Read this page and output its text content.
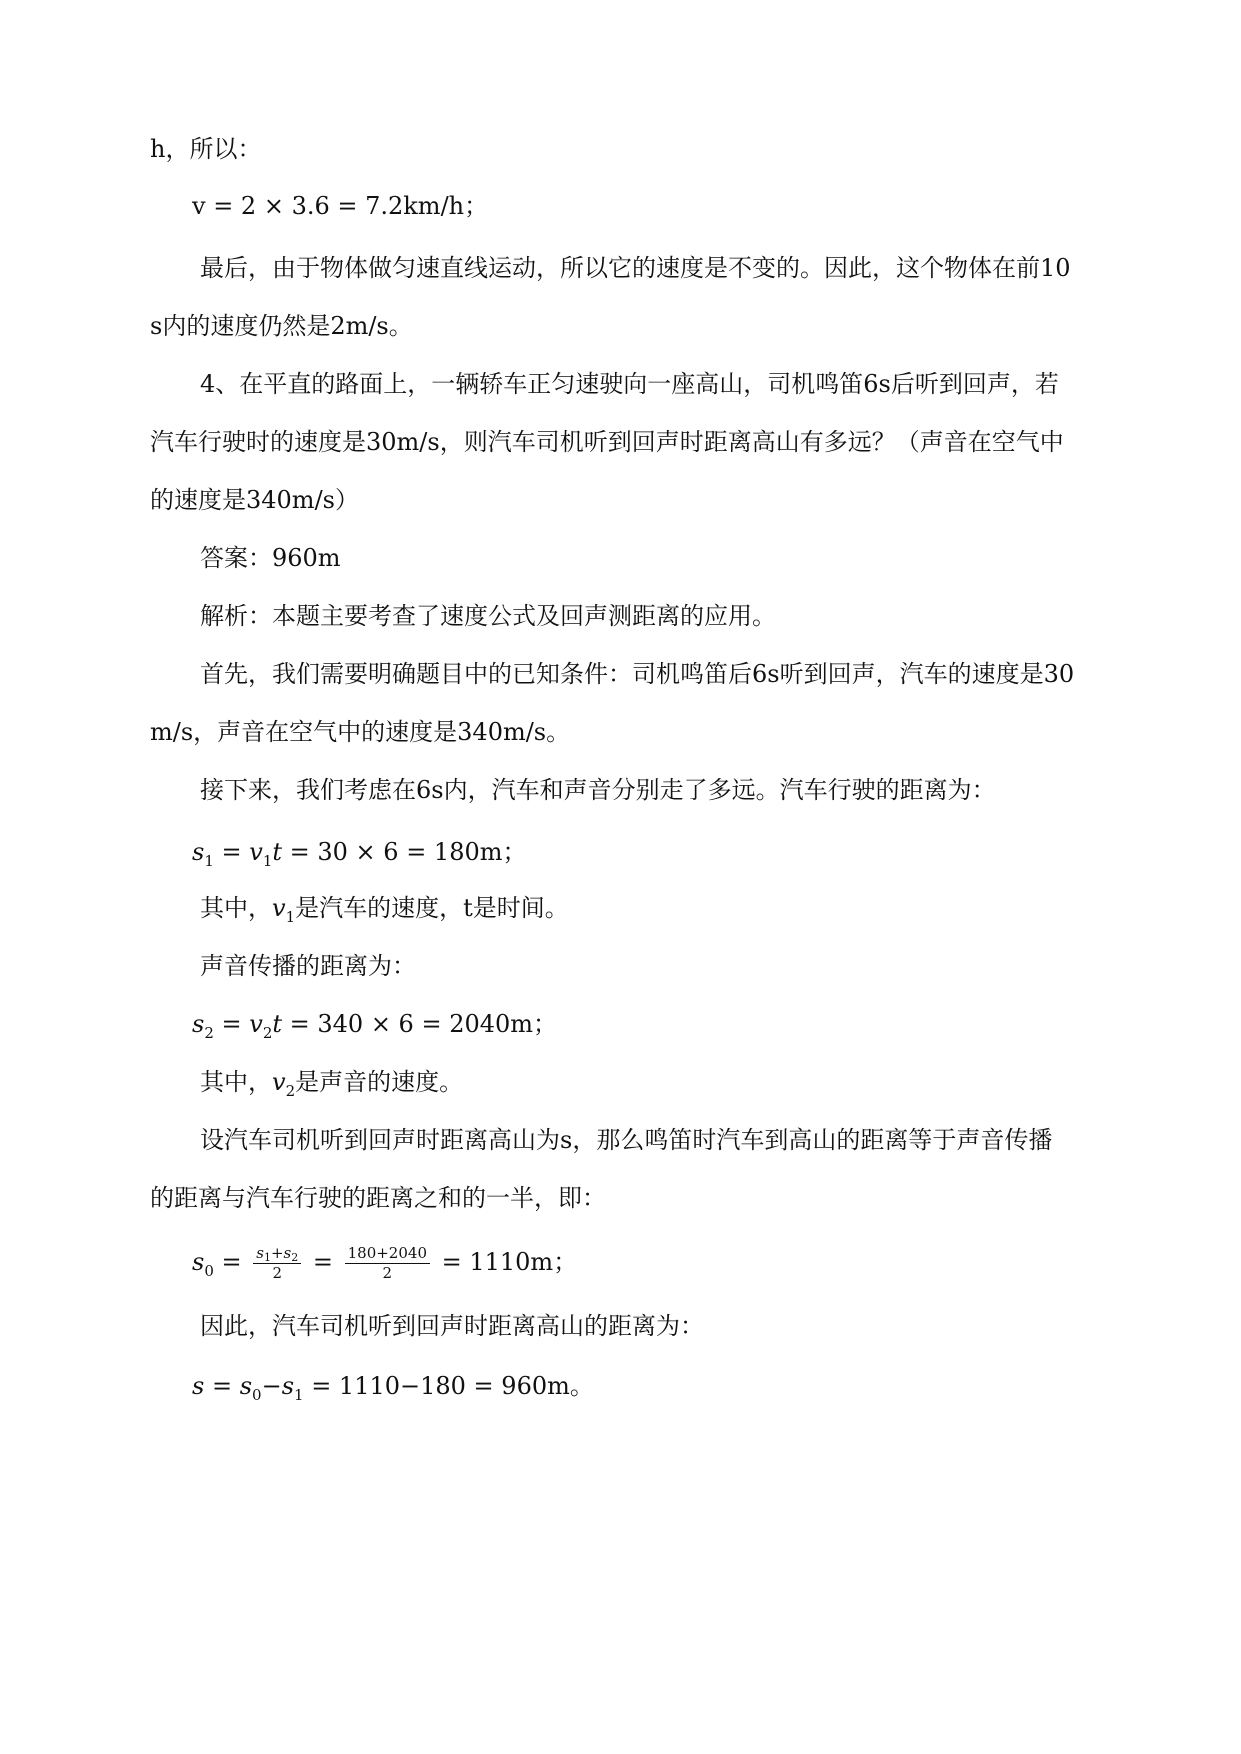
h，所以：
v = 2 × 3.6 = 7.2km/h；
最后，由于物体做匀速直线运动，所以它的速度是不变的。因此，这个物体在前10
s内的速度仍然是2m/s。
4、在平直的路面上，一辆轿车正匀速驶向一座高山，司机鸣笛6s后听到回声，若
汽车行驶时的速度是30m/s，则汽车司机听到回声时距离高山有多远？（声音在空气中
的速度是340m/s）
答案：960m
解析：本题主要考查了速度公式及回声测距离的应用。
首先，我们需要明确题目中的已知条件：司机鸣笛后6s听到回声，汽车的速度是30
m/s，声音在空气中的速度是340m/s。
接下来，我们考虑在6s内，汽车和声音分别走了多远。汽车行驶的距离为：
$s_1 = v_1t = 30 \times 6 = 180m$；
其中，$v_1$是汽车的速度，t是时间。
声音传播的距离为：
$s_2 = v_2t = 340 \times 6 = 2040m$；
其中，$v_2$是声音的速度。
设汽车司机听到回声时距离高山为s，那么鸣笛时汽车到高山的距离等于声音传播
的距离与汽车行驶的距离之和的一半，即：
$s_0 = \frac{s_1+s_2}{2} = \frac{180+2040}{2} = 1110m$；
因此，汽车司机听到回声时距离高山的距离为：
$s = s_0-s_1 = 1110-180 = 960m$。
